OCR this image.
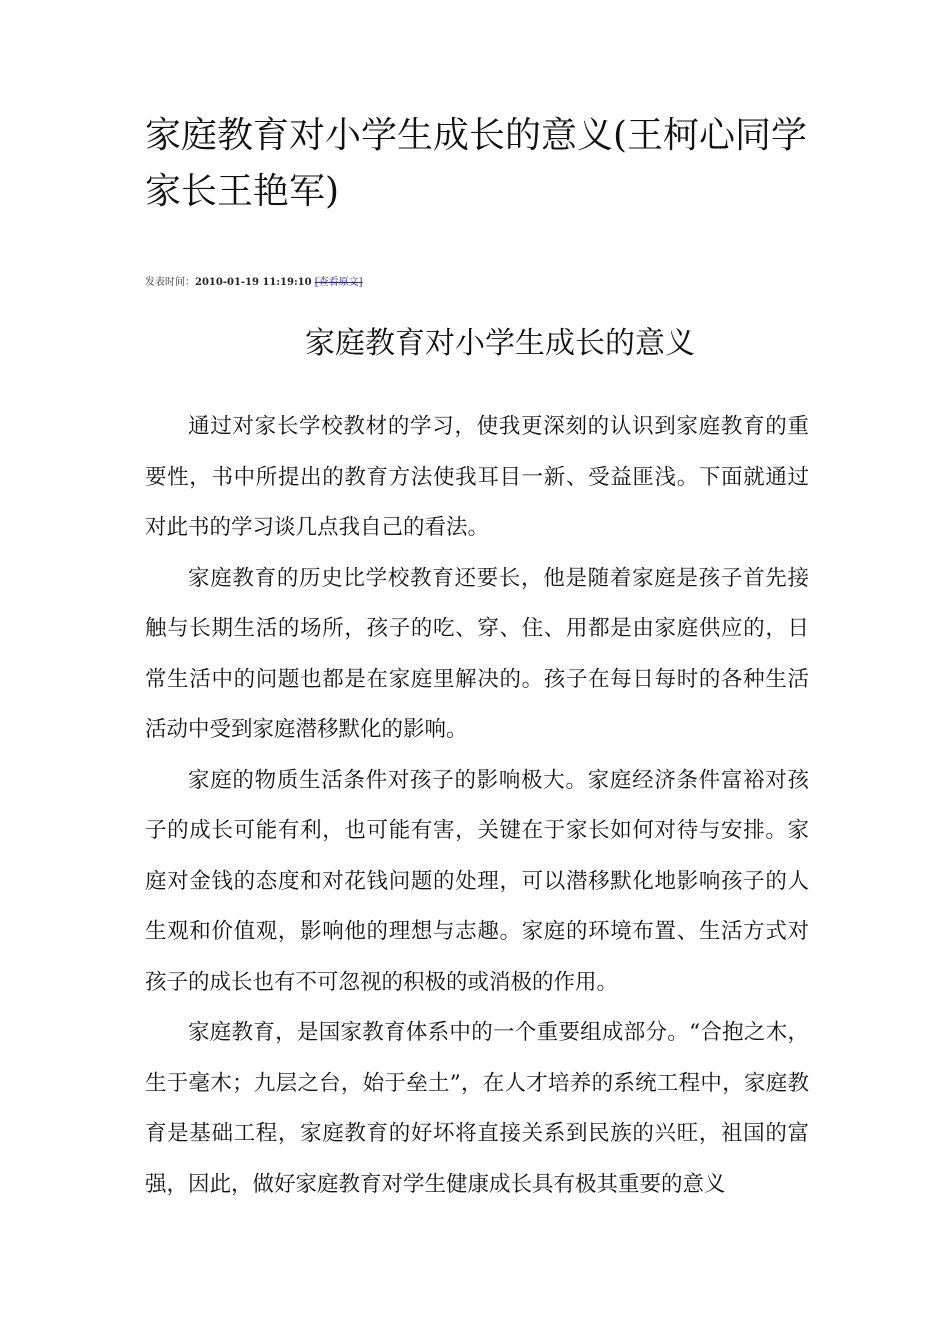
家庭教育对小学生成长的意义(王柯心同学家长王艳军)
发表时间：2010-01-19 11:19:10 [查看原文]
家庭教育对小学生成长的意义

通过对家长学校教材的学习，使我更深刻的认识到家庭教育的重要性，书中所提出的教育方法使我耳目一新、受益匪浅。下面就通过对此书的学习谈几点我自己的看法。

家庭教育的历史比学校教育还要长，他是随着家庭是孩子首先接触与长期生活的场所，孩子的吃、穿、住、用都是由家庭供应的，日常生活中的问题也都是在家庭里解决的。孩子在每日每时的各种生活活动中受到家庭潜移默化的影响。

家庭的物质生活条件对孩子的影响极大。家庭经济条件富裕对孩子的成长可能有利，也可能有害，关键在于家长如何对待与安排。家庭对金钱的态度和对花钱问题的处理，可以潜移默化地影响孩子的人生观和价值观，影响他的理想与志趣。家庭的环境布置、生活方式对孩子的成长也有不可忽视的积极的或消极的作用。

家庭教育，是国家教育体系中的一个重要组成部分。“合抱之木，生于毫木；九层之台，始于垒土”，在人才培养的系统工程中，家庭教育是基础工程，家庭教育的好坏将直接关系到民族的兴旺，祖国的富强，因此，做好家庭教育对学生健康成长具有极其重要的意义
